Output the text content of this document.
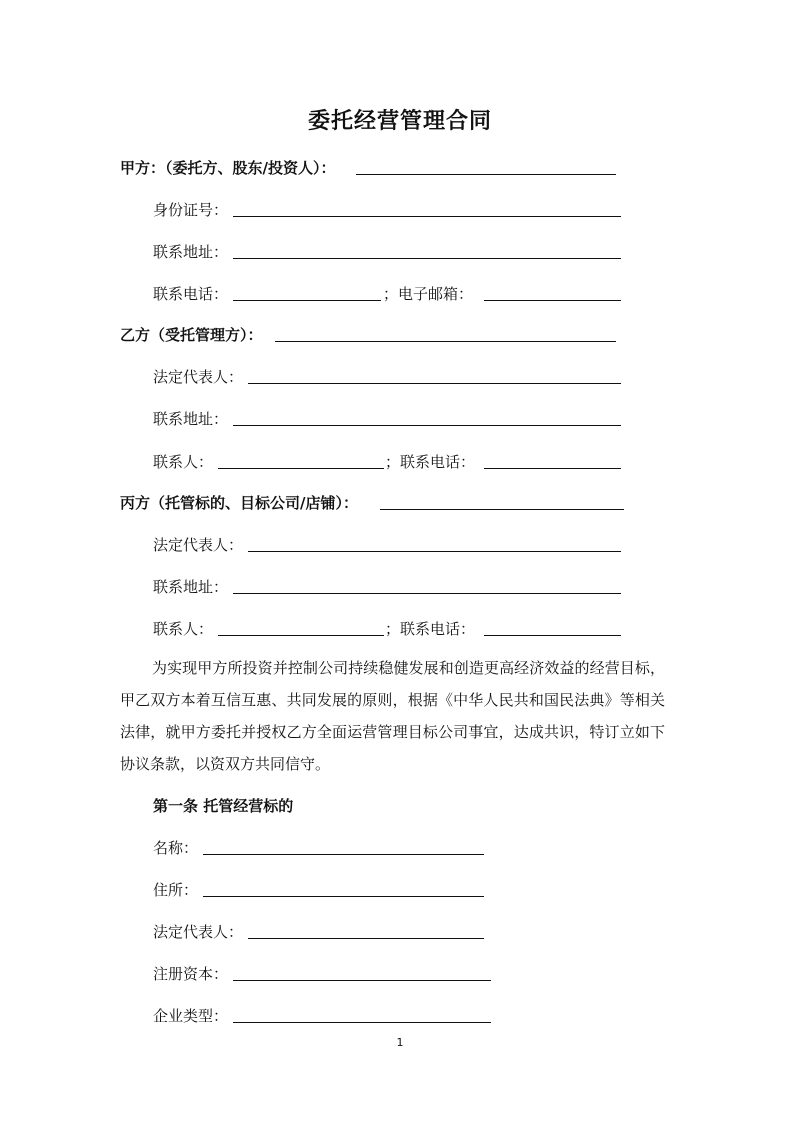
委托经营管理合同
甲方：（委托方、股东/投资人）：
身份证号：
联系地址：
联系电话：	；电子邮箱：
乙方（受托管理方）：
法定代表人：
联系地址：
联系人：	；联系电话：
丙方（托管标的、目标公司/店铺）：
法定代表人：
联系地址：
联系人：	；联系电话：
为实现甲方所投资并控制公司持续稳健发展和创造更高经济效益的经营目标，甲乙双方本着互信互惠、共同发展的原则，根据《中华人民共和国民法典》等相关法律，就甲方委托并授权乙方全面运营管理目标公司事宜，达成共识，特订立如下协议条款，以资双方共同信守。
第一条 托管经营标的
名称：
住所：
法定代表人：
注册资本：
企业类型：
1
